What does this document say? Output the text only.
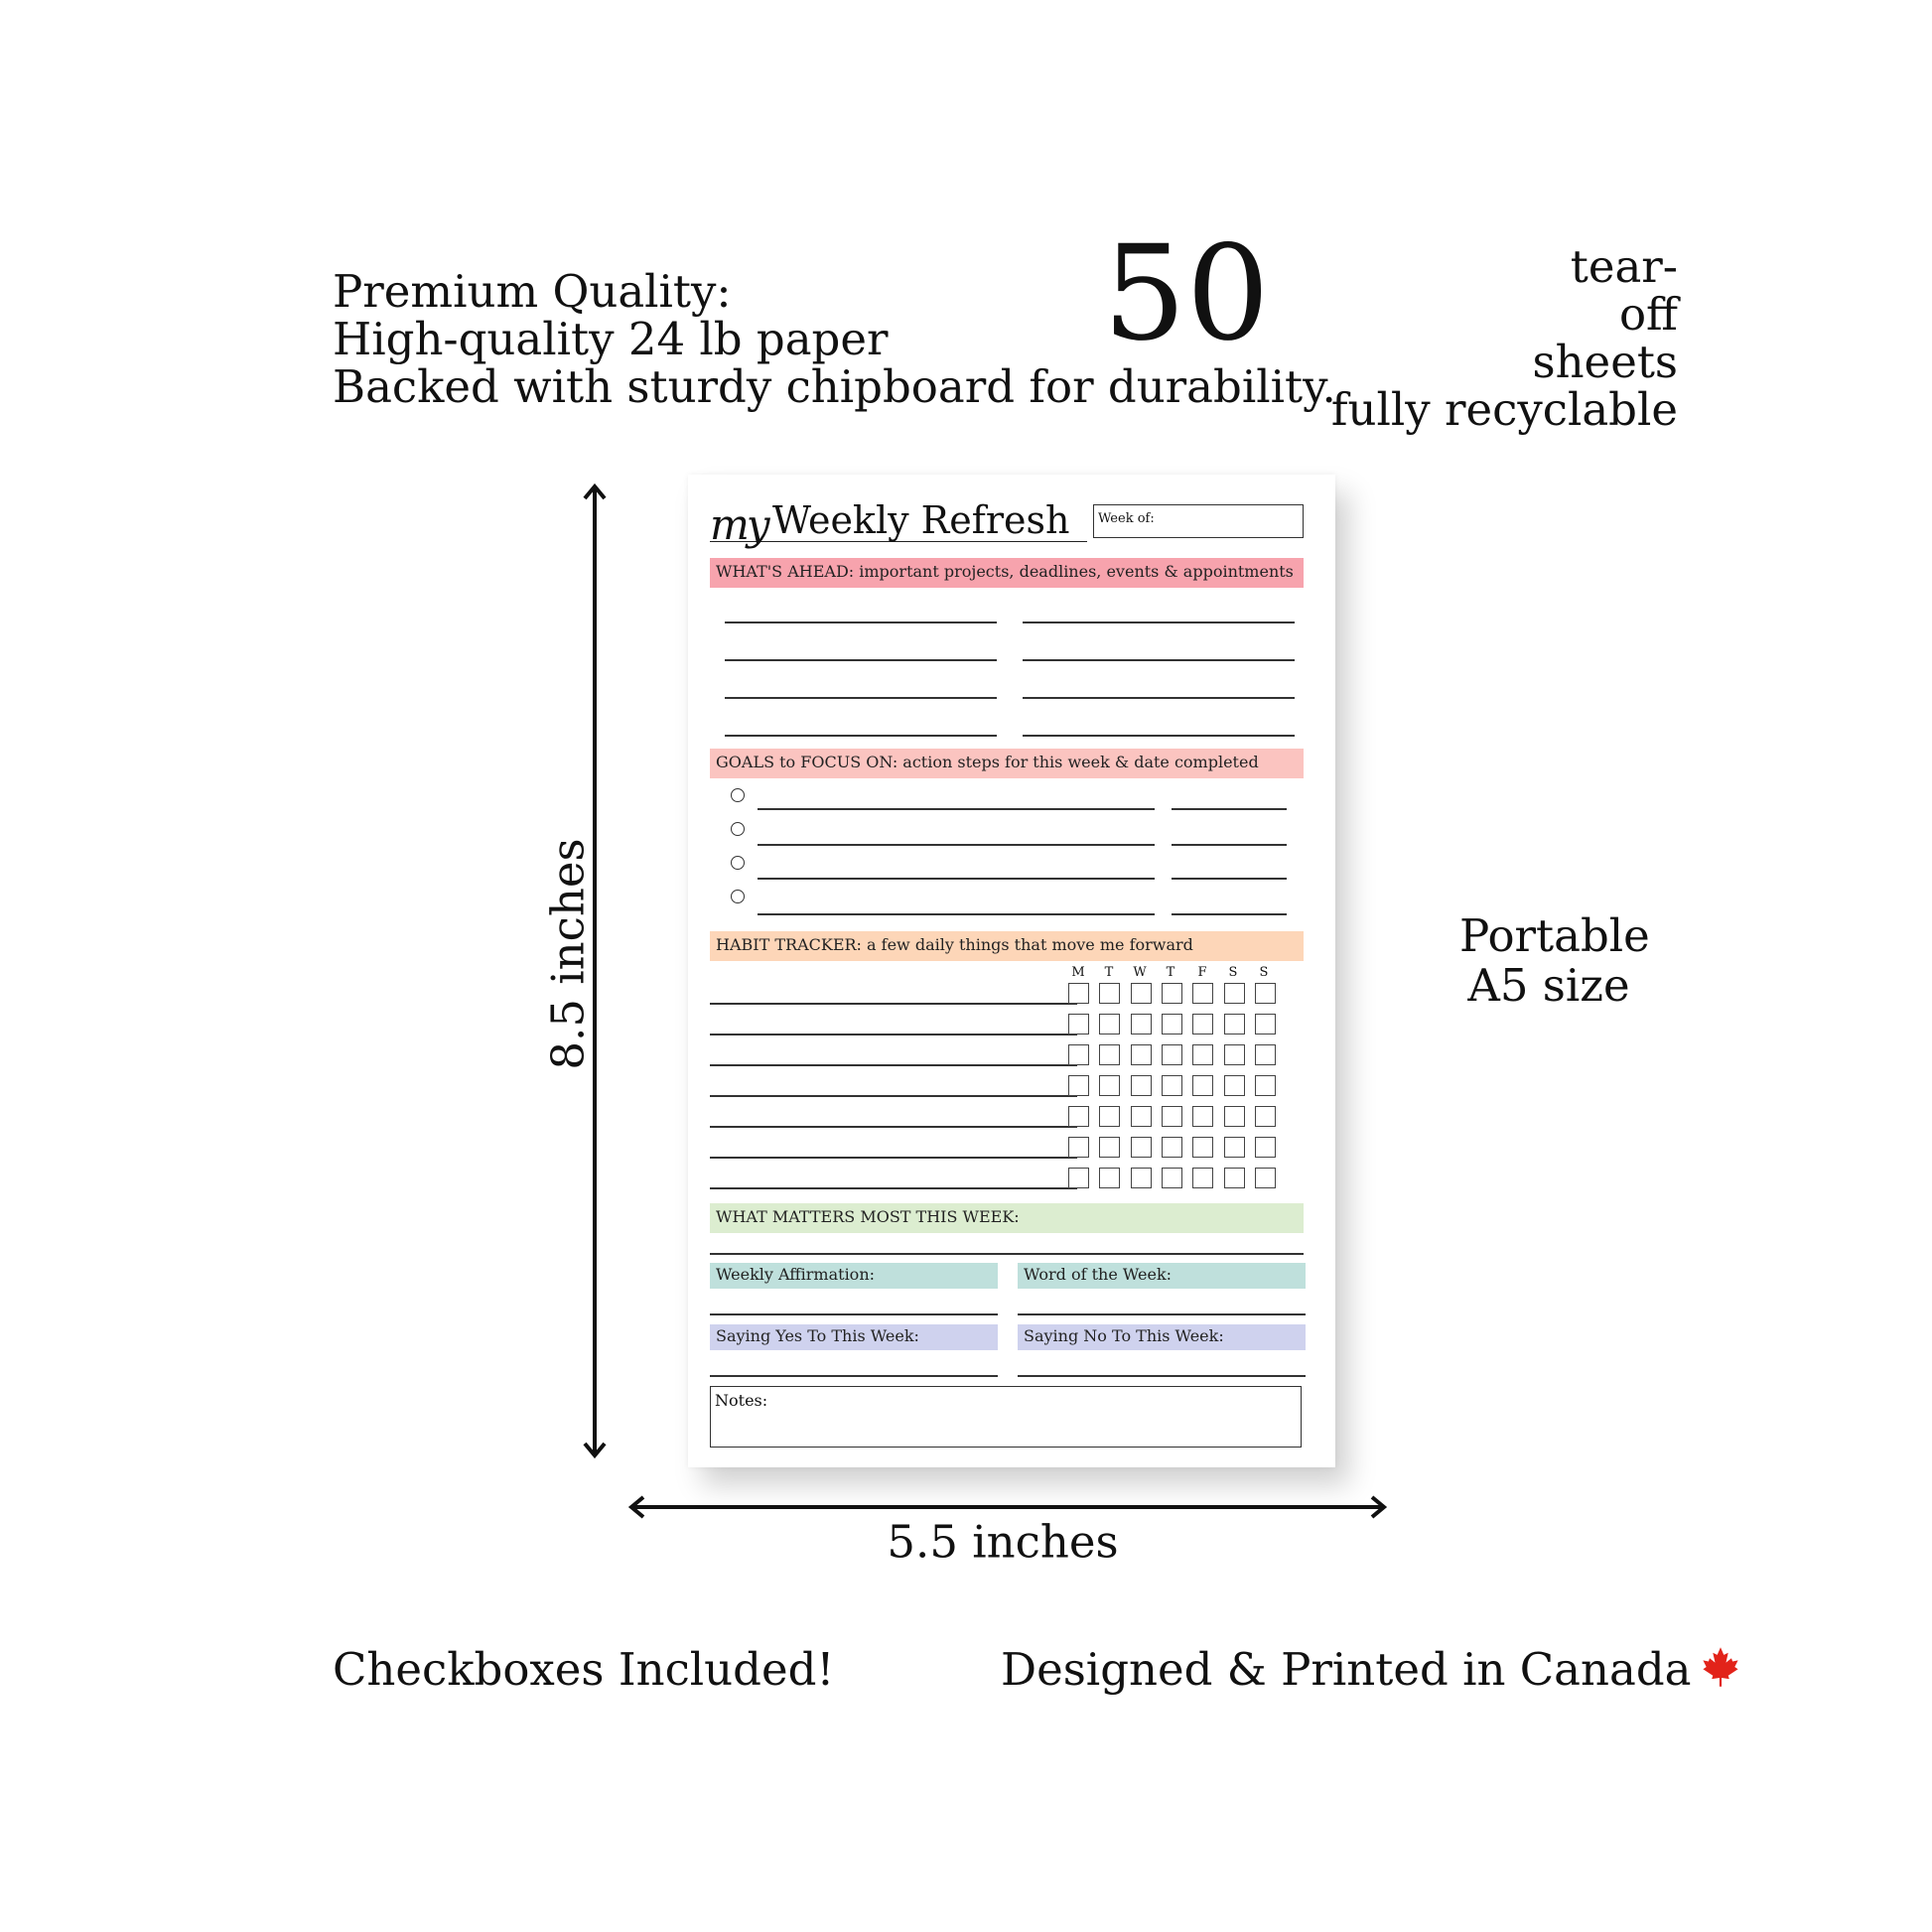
Premium Quality:
High-quality 24 lb paper
Backed with sturdy chipboard for durability.
50	tear-off
sheets
fully recyclable
Portable
A5 size
8.5 inches
5.5 inches
Checkboxes Included!	Designed & Printed in Canada
my Weekly Refresh	Week of:
WHAT'S AHEAD: important projects, deadlines, events & appointments
GOALS to FOCUS ON: action steps for this week & date completed
HABIT TRACKER: a few daily things that move me forward
M	T	W	T	F	S	S
WHAT MATTERS MOST THIS WEEK:
Weekly Affirmation:	Word of the Week:
Saying Yes To This Week:	Saying No To This Week:
Notes:
